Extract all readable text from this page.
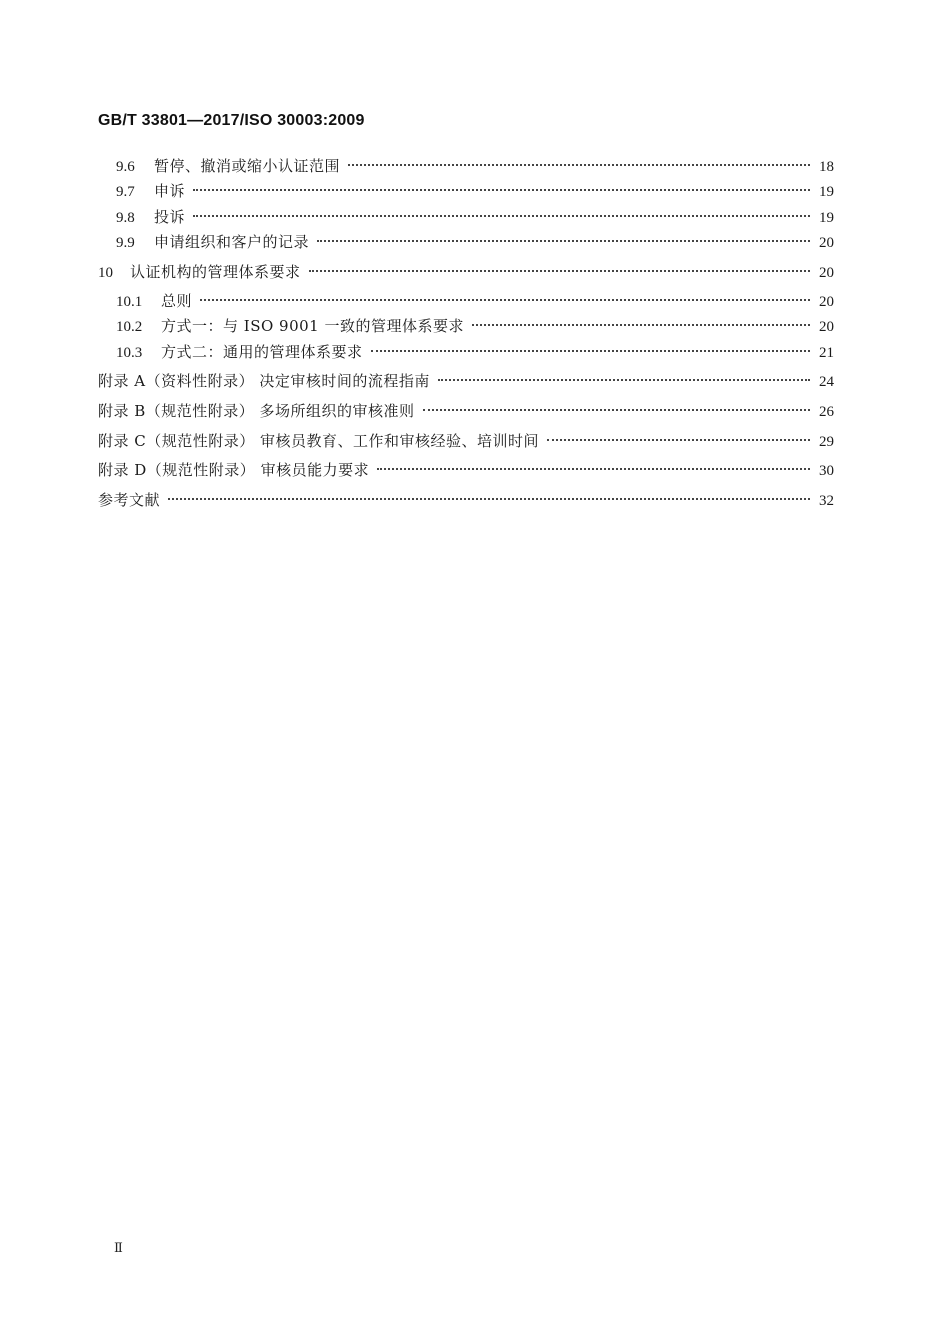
GB/T 33801—2017/ISO 30003:2009
9.6	暂停、撤消或缩小认证范围	18
9.7	申诉	19
9.8	投诉	19
9.9	申请组织和客户的记录	20
10	认证机构的管理体系要求	20
10.1	总则	20
10.2	方式一：与 ISO 9001 一致的管理体系要求	20
10.3	方式二：通用的管理体系要求	21
附录 A（资料性附录） 决定审核时间的流程指南	24
附录 B（规范性附录） 多场所组织的审核准则	26
附录 C（规范性附录） 审核员教育、工作和审核经验、培训时间	29
附录 D（规范性附录） 审核员能力要求	30
参考文献	32
Ⅱ
